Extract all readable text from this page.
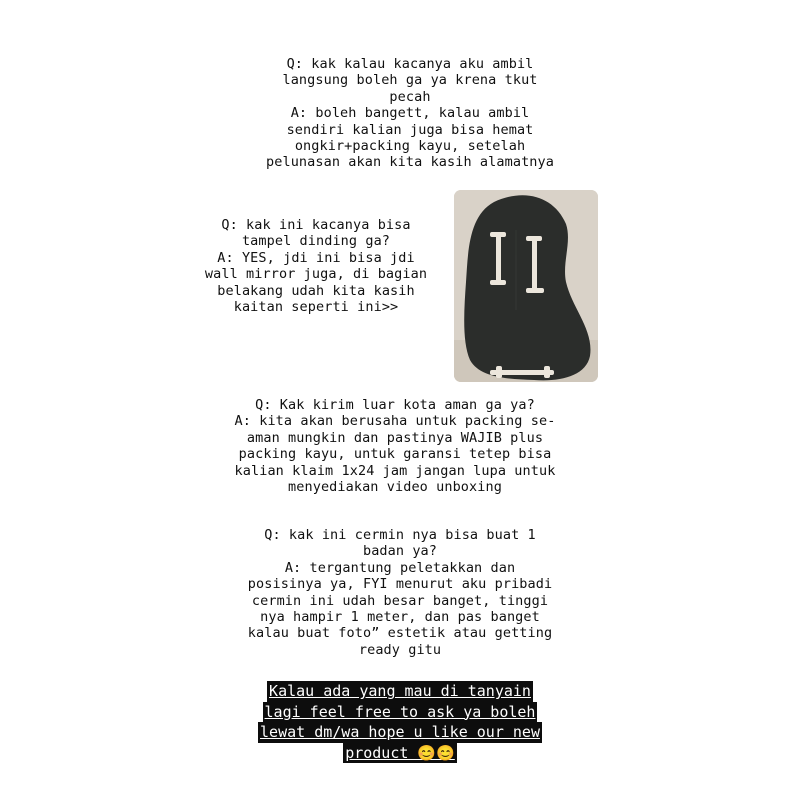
Q: kak kalau kacanya aku ambil
langsung boleh ga ya krena tkut
pecah
A: boleh bangett, kalau ambil
sendiri kalian juga bisa hemat
ongkir+packing kayu, setelah
pelunasan akan kita kasih alamatnya
Q: kak ini kacanya bisa
tampel dinding ga?
A: YES, jdi ini bisa jdi
wall mirror juga, di bagian
belakang udah kita kasih
kaitan seperti ini>>
Q: Kak kirim luar kota aman ga ya?
A: kita akan berusaha untuk packing se-
aman mungkin dan pastinya WAJIB plus
packing kayu, untuk garansi tetep bisa
kalian klaim 1x24 jam jangan lupa untuk
menyediakan video unboxing
Q: kak ini cermin nya bisa buat 1
badan ya?
A: tergantung peletakkan dan
posisinya ya, FYI menurut aku pribadi
cermin ini udah besar banget, tinggi
nya hampir 1 meter, dan pas banget
kalau buat foto” estetik atau getting
ready gitu
Kalau ada yang mau di tanyain
lagi feel free to ask ya boleh
lewat dm/wa hope u like our new
product 😊😊
